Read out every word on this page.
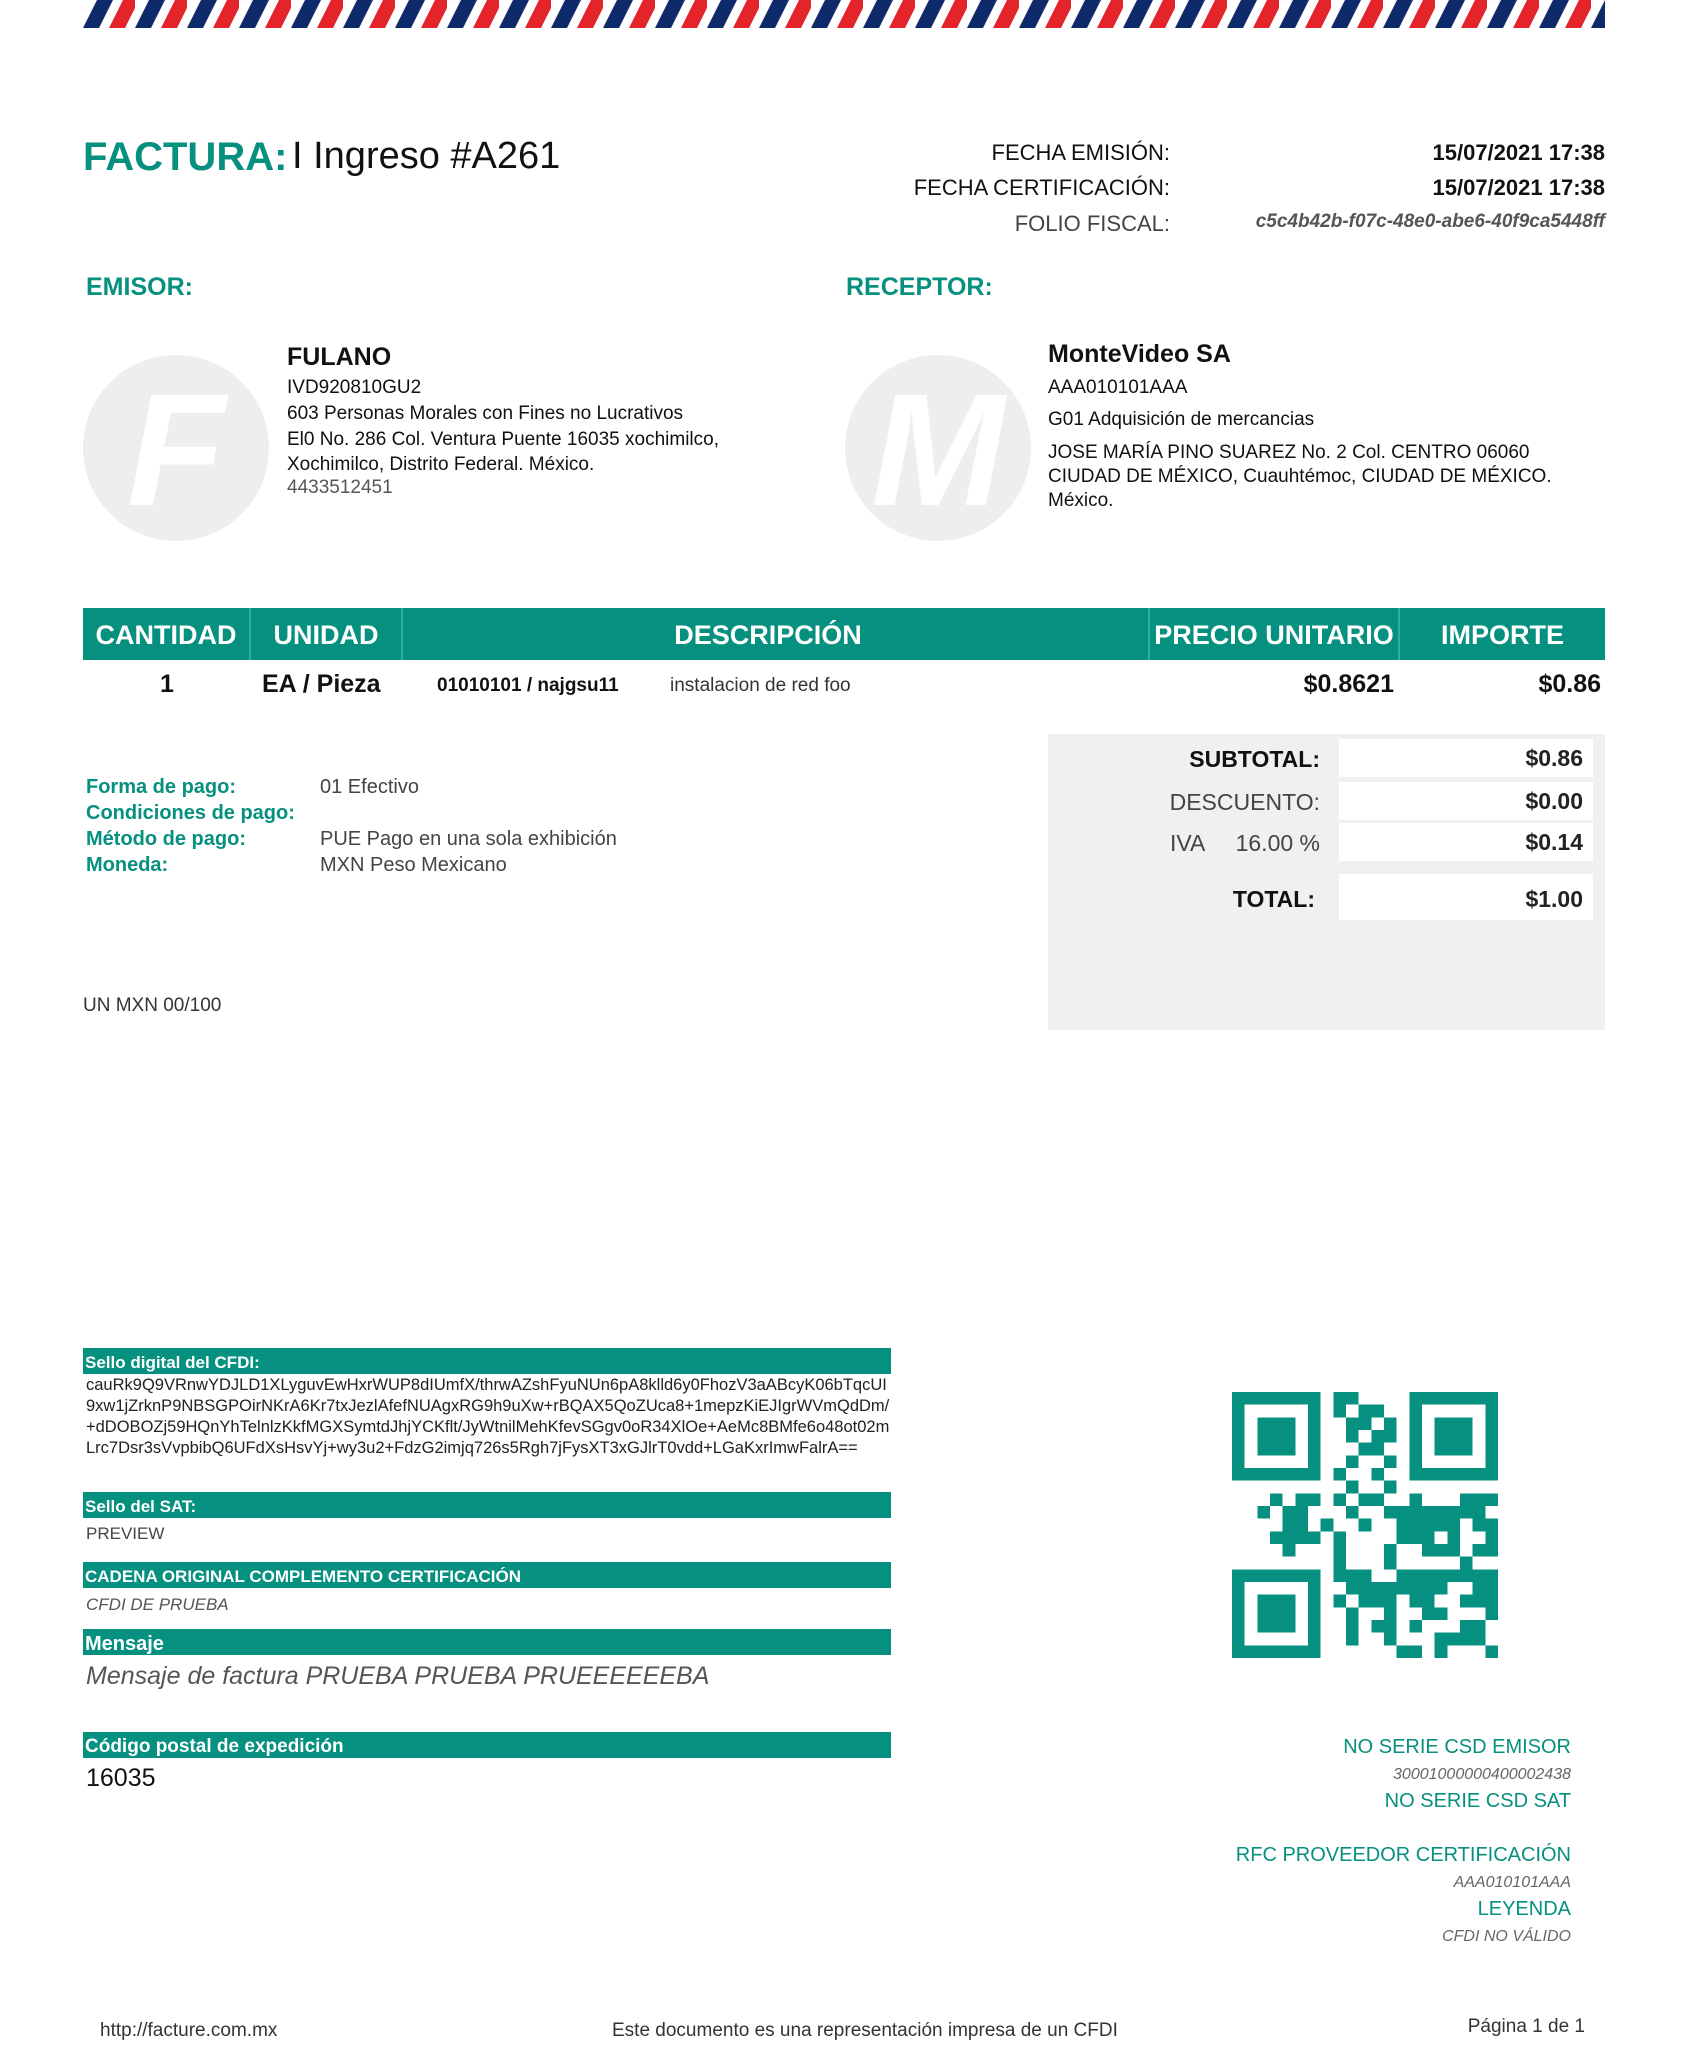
FACTURA: I Ingreso #A261	FECHA EMISIÓN:	15/07/2021 17:38
FECHA CERTIFICACIÓN:	15/07/2021 17:38
FOLIO FISCAL:	c5c4b42b-f07c-48e0-abe6-40f9ca5448ff
EMISOR:
F
FULANO
IVD920810GU2
603 Personas Morales con Fines no Lucrativos
El0 No. 286 Col. Ventura Puente 16035 xochimilco,
Xochimilco, Distrito Federal. México.
4433512451
RECEPTOR:
M
MonteVideo SA
AAA010101AAA
G01 Adquisición de mercancias
JOSE MARÍA PINO SUAREZ No. 2 Col. CENTRO 06060
CIUDAD DE MÉXICO, Cuauhtémoc, CIUDAD DE MÉXICO.
México.
CANTIDAD	UNIDAD	DESCRIPCIÓN	PRECIO UNITARIO	IMPORTE
1	EA / Pieza	01010101 / najgsu11	instalacion de red foo	$0.8621	$0.86
Forma de pago:	01 Efectivo
Condiciones de pago:
Método de pago:	PUE Pago en una sola exhibición
Moneda:	MXN Peso Mexicano
UN MXN 00/100
SUBTOTAL:	$0.86
DESCUENTO:	$0.00
IVA 16.00 %	$0.14
TOTAL:	$1.00
Sello digital del CFDI:
cauRk9Q9VRnwYDJLD1XLyguvEwHxrWUP8dIUmfX/thrwAZshFyuNUn6pA8klld6y0FhozV3aABcyK06bTqcUI9xw1jZrknP9NBSGPOirNKrA6Kr7txJezlAfefNUAgxRG9h9uXw+rBQAX5QoZUca8+1mepzKiEJIgrWVmQdDm/+dDOBOZj59HQnYhTelnlzKkfMGXSymtdJhjYCKflt/JyWtnilMehKfevSGgv0oR34XlOe+AeMc8BMfe6o48ot02mLrc7Dsr3sVvpbibQ6UFdXsHsvYj+wy3u2+FdzG2imjq726s5Rgh7jFysXT3xGJlrT0vdd+LGaKxrImwFalrA==
Sello del SAT:
PREVIEW
CADENA ORIGINAL COMPLEMENTO CERTIFICACIÓN
CFDI DE PRUEBA
Mensaje
Mensaje de factura PRUEBA PRUEBA PRUEEEEEEBA
Código postal de expedición
16035
NO SERIE CSD EMISOR
30001000000400002438
NO SERIE CSD SAT
RFC PROVEEDOR CERTIFICACIÓN
AAA010101AAA
LEYENDA
CFDI NO VÁLIDO
http://facture.com.mx	Este documento es una representación impresa de un CFDI	Página 1 de 1
